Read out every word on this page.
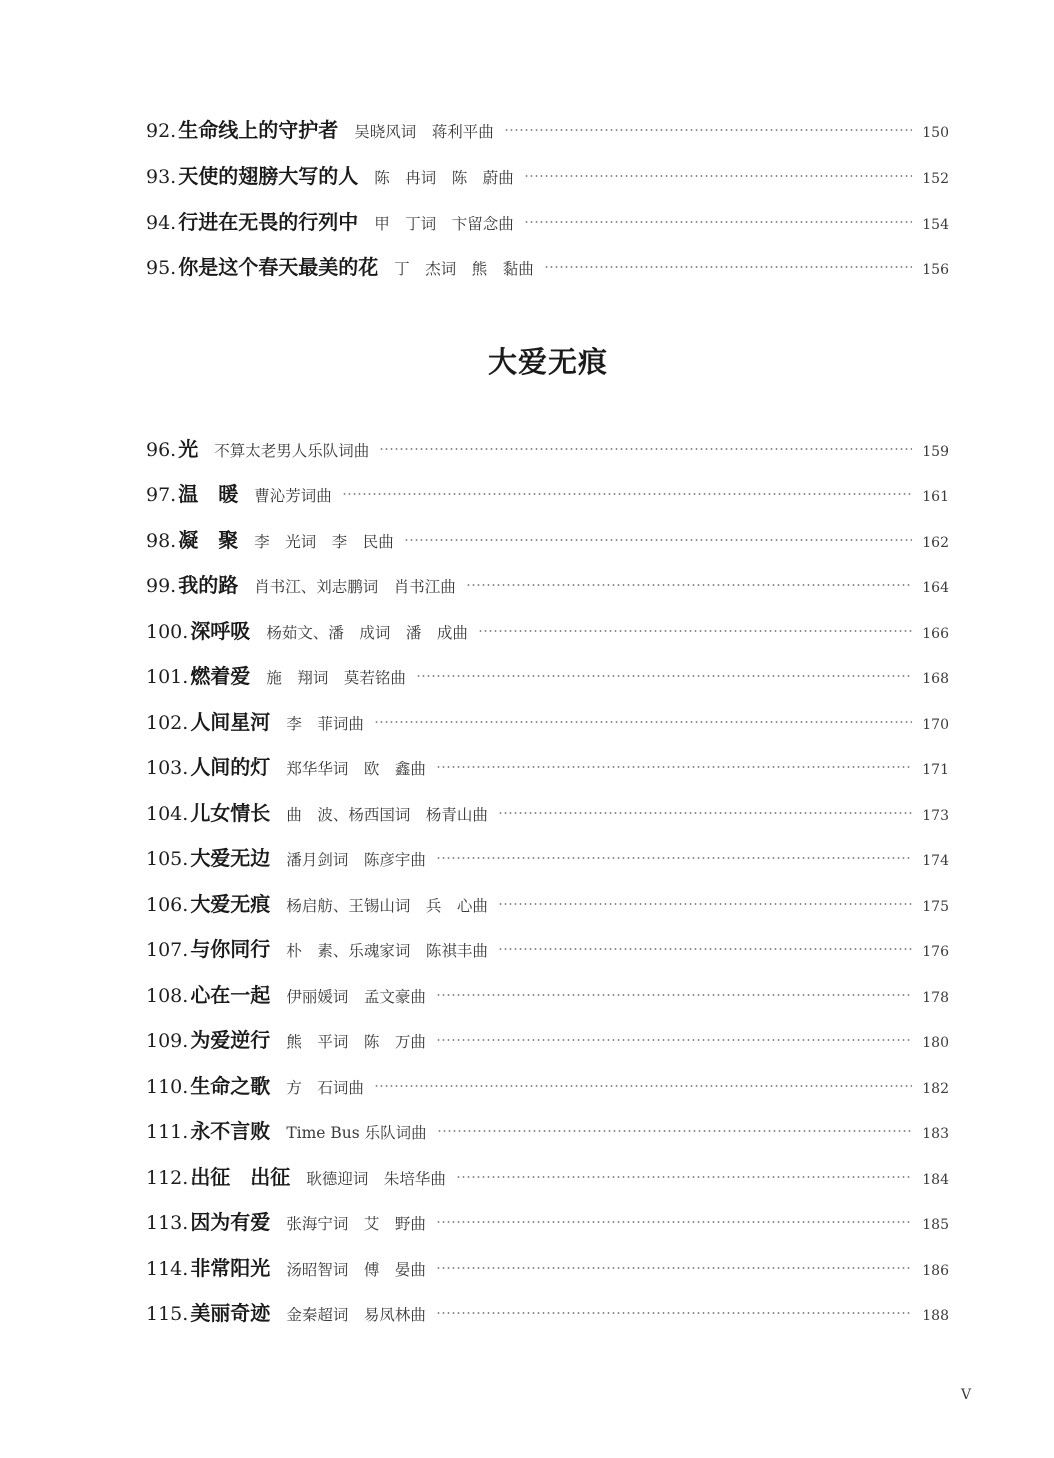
92. 生命线上的守护者 吴晓风词　蒋利平曲	150
93. 天使的翅膀大写的人 陈　冉词　陈　蔚曲	152
94. 行进在无畏的行列中 甲　丁词　卞留念曲	154
95. 你是这个春天最美的花 丁　杰词　熊　黏曲	156
大爱无痕
96. 光 不算太老男人乐队词曲	159
97. 温　暖 曹沁芳词曲	161
98. 凝　聚 李　光词　李　民曲	162
99. 我的路 肖书江、刘志鹏词　肖书江曲	164
100. 深呼吸 杨茹文、潘　成词　潘　成曲	166
101. 燃着爱 施　翔词　莫若铭曲	168
102. 人间星河 李　菲词曲	170
103. 人间的灯 郑华华词　欧　鑫曲	171
104. 儿女情长 曲　波、杨西国词　杨青山曲	173
105. 大爱无边 潘月剑词　陈彦宇曲	174
106. 大爱无痕 杨启舫、王锡山词　兵　心曲	175
107. 与你同行 朴　素、乐魂家词　陈祺丰曲	176
108. 心在一起 伊丽媛词　孟文豪曲	178
109. 为爱逆行 熊　平词　陈　万曲	180
110. 生命之歌 方　石词曲	182
111. 永不言败 Time Bus 乐队词曲	183
112. 出征　出征 耿德迎词　朱培华曲	184
113. 因为有爱 张海宁词　艾　野曲	185
114. 非常阳光 汤昭智词　傅　晏曲	186
115. 美丽奇迹 金秦超词　易凤林曲	188
V
